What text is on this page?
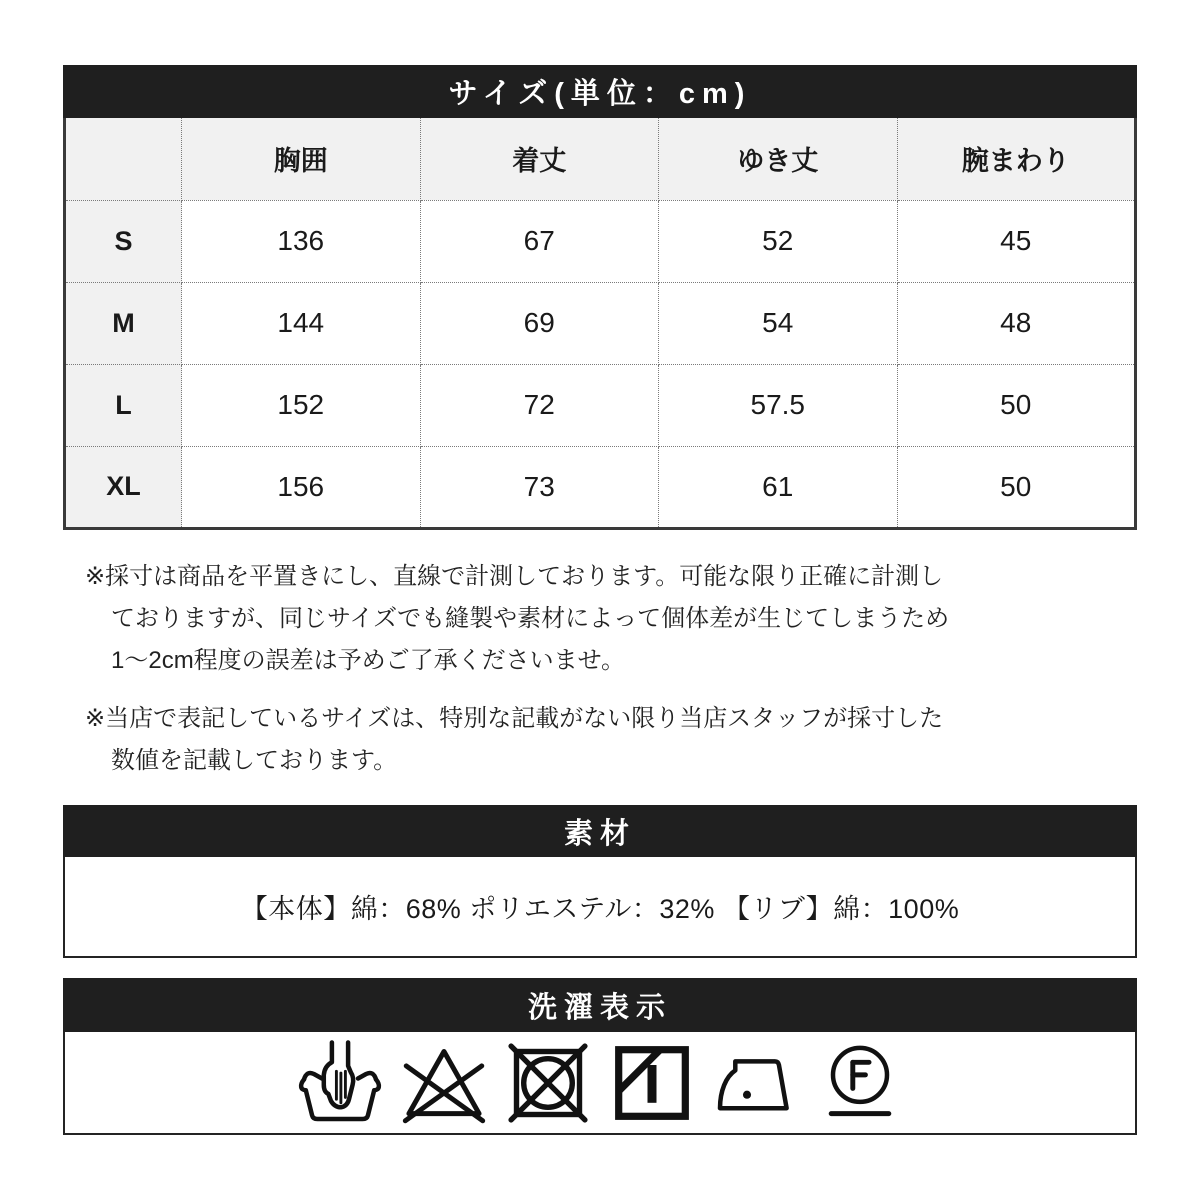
サイズ(単位：cm)
	胸囲	着丈	ゆき丈	腕まわり
S	136	67	52	45
M	144	69	54	48
L	152	72	57.5	50
XL	156	73	61	50
※採寸は商品を平置きにし、直線で計測しております。可能な限り正確に計測し
ておりますが、同じサイズでも縫製や素材によって個体差が生じてしまうため
1〜2cm程度の誤差は予めご了承くださいませ。
※当店で表記しているサイズは、特別な記載がない限り当店スタッフが採寸した
数値を記載しております。
素材
【本体】綿：68% ポリエステル：32% 【リブ】綿：100%
洗濯表示
